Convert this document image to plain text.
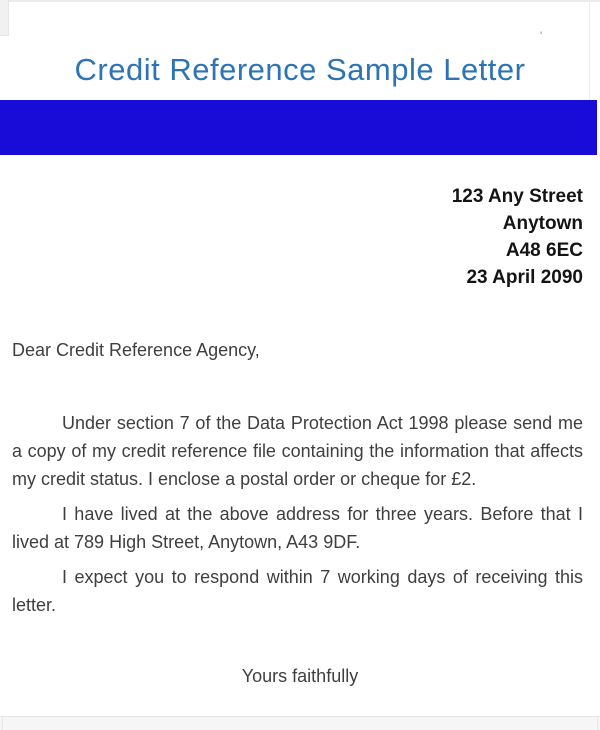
'
Credit Reference Sample Letter
123 Any Street
Anytown
A48 6EC
23 April 2090
Dear Credit Reference Agency,

Under section 7 of the Data Protection Act 1998 please send me a copy of my credit reference file containing the information that affects my credit status. I enclose a postal order or cheque for £2.

I have lived at the above address for three years. Before that I lived at 789 High Street, Anytown, A43 9DF.

I expect you to respond within 7 working days of receiving this letter.

Yours faithfully
